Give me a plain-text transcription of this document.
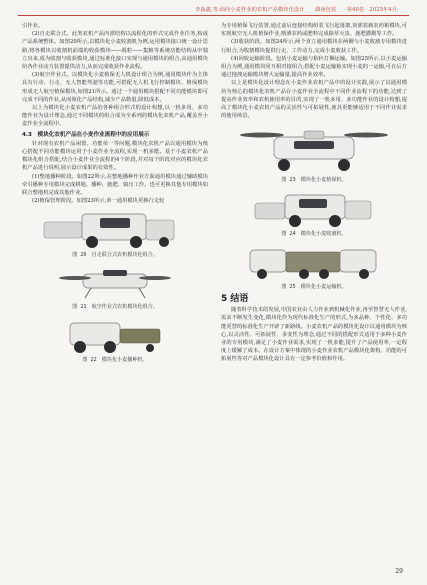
李淼鑫,等:面向小麦作业的农机产品模块化设计　　湖南包装　　第40卷　2025年4月

引作业。

(2)自走联合式。此类农机产品内部结构以流程化的形式完成作业任务,构成产品系统整体。如图20所示,以模块化小麦收割机为例,运用模块接口统一设计思路,将各模块以收割机前端的收获模块——脱粒——集粮等系统功能结构从中独立出来,成为收割与收获模块,通过标准化接口实现与通用模块的组合,由通用模块给各作业动力装置提供动力,从而完成收获作业流程。

(3)航空作业式。以模块化小麦植保无人机设计组合为例,通用模块作为主体具有行动、行走、无人智能驾驶等功能,可搭配无人机飞行控制模块、植保模块形成无人航空植保模块,如图21所示。通过一个通用模块搭配不同功能模块即可完成不同的作业,从而简化产品结构,减少产品数量,降低成本。

以上为模块化小麦农机产品的各种组合形式的设计构想,以一机多用、多功能作业为设计理念,通过不同模块的组合成为全系列的模块化农机产品,覆盖至小麦作业全流程中。

4.3　模块化农机产品在小麦作业流程中的应用展示

针对现有农机产品闲置、功能单一等问题,模块化农机产品以通用模块为核心搭配不同功能模块运用于小麦作业全流程,实现一机多能。基于小麦农机产品模块化组合搭配,结合小麦作业全流程的4个阶段,并对每个阶段对应的模块化农机产品进行说明,展示设计成果的有效性。

(1)整地播种阶段。如图22所示,在整地播种作业方面通用模块通过辅助模块牵引播种专用模块完成耕地、播种、施肥、镇压工作。也可更换其他专用模块如联合整地机完成其他作业。

(2)植保管理阶段。如图23所示,单一通用模块更换行走轮

图 20　自走联合式农机模块化组合。
图 21　航空作业式农机模块化组合。
图 22　模块化小麦播种机。

为专用植保飞行装置,通过前后连接结构组装飞行起落架,顶部装载农药箱模块,可实现航空无人机植保作业,喷洒农药或肥料完成除草灭虫、施肥灌溉等工作。

(3)收获阶段。如图24所示,两个直立通用模块在两侧与小麦收割专用模块进行组合,为收割模块提供行走、工作动力,完成小麦收获工作。

(4)回收运输阶段。包括小麦运输与秸秆打捆运输。如图25所示,以小麦运输组合为例,通用模块同互相对接组合,搭配小麦运输箱实现小麦的一运输,可在后方通过拖拽运输模块增大运输量,提高作业效率。

以上是模块化设计理念在小麦作业农机产品中的设计实践,展示了以通用模块为核心的模块化农机产品在小麦作业全流程中不同作业流程下的功能,达到了提高作业效率和农机使用率的目的,实现了一机多用、多功能作业的设计构想,提高了模块化小麦农机产品的灵活性与可拓展性,使其更能够适用于不同作业需求的使用场景。

图 23　模块化小麦植保机。
图 24　模块化小麦收割机。
图 25　模块化小麦运输机。
5 结语

随着科学技术的发展,中国农业由人力作业到机械化作业,再至智慧无人作业,需求不断发生变化,模块化作为现代标准化生产的形式,为多品种、个性化、多功能更替的标准化生产开辟了新路线。小麦农机产品的模块化设计以通用模块为核心,以灵活性、可拓展性、多变性为理念,通过不同的搭配形式适用于多种小麦作业的专用模块,满足了小麦作业需求,实现了一机多能,提升了产品使用率,一定程度上缓解了成本。在设计方案中体现的小麦作业农机产品模块化架构、功能的可拓展性等对产品模块化设计具有一定参考价值和作用。

29
